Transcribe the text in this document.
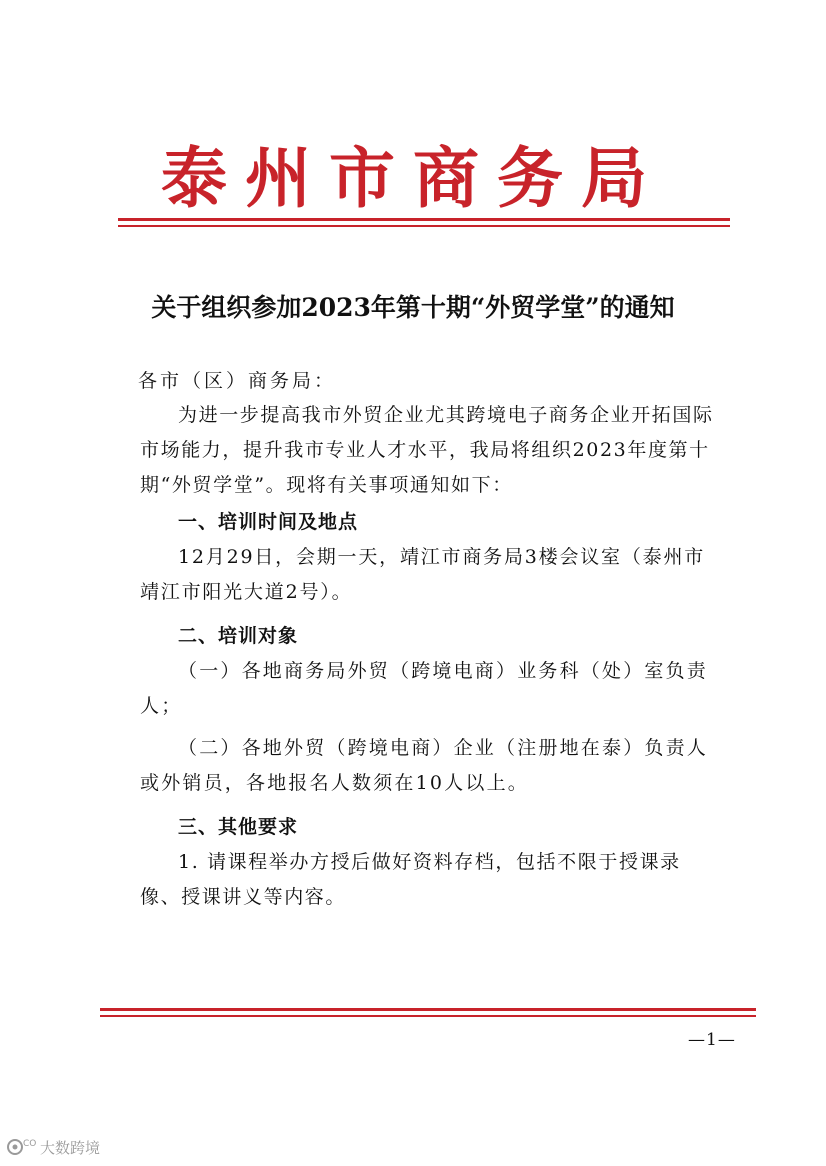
泰州市商务局
关于组织参加2023年第十期“外贸学堂”的通知
各市（区）商务局：
为进一步提高我市外贸企业尤其跨境电子商务企业开拓国际市场能力，提升我市专业人才水平，我局将组织2023年度第十期“外贸学堂”。现将有关事项通知如下：
一、培训时间及地点
12月29日，会期一天，靖江市商务局3楼会议室（泰州市靖江市阳光大道2号）。
二、培训对象
（一）各地商务局外贸（跨境电商）业务科（处）室负责人；
（二）各地外贸（跨境电商）企业（注册地在泰）负责人或外销员，各地报名人数须在10人以上。
三、其他要求
1. 请课程举办方授后做好资料存档，包括不限于授课录像、授课讲义等内容。
—1—
CO 大数跨境
